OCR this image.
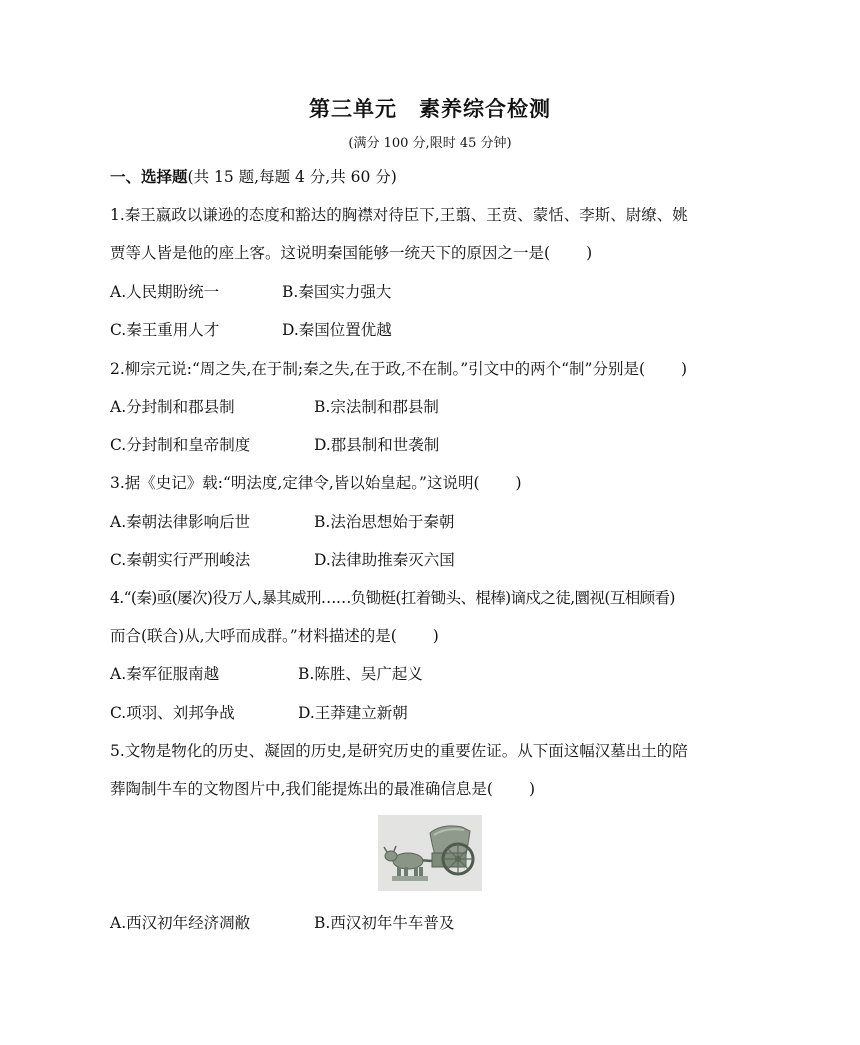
第三单元　素养综合检测
(满分 100 分,限时 45 分钟)
一、选择题(共 15 题,每题 4 分,共 60 分)
1.秦王嬴政以谦逊的态度和豁达的胸襟对待臣下,王翦、王贲、蒙恬、李斯、尉缭、姚
贾等人皆是他的座上客。这说明秦国能够一统天下的原因之一是( )
A.人民期盼统一	B.秦国实力强大
C.秦王重用人才	D.秦国位置优越
2.柳宗元说:“周之失,在于制;秦之失,在于政,不在制。”引文中的两个“制”分别是( )
A.分封制和郡县制	B.宗法制和郡县制
C.分封制和皇帝制度	D.郡县制和世袭制
3.据《史记》载:“明法度,定律令,皆以始皇起。”这说明( )
A.秦朝法律影响后世	B.法治思想始于秦朝
C.秦朝实行严刑峻法	D.法律助推秦灭六国
4.“(秦)亟(屡次)役万人,暴其威刑……负锄梃(扛着锄头、棍棒)谪戍之徒,圜视(互相顾看)
而合(联合)从,大呼而成群。”材料描述的是( )
A.秦军征服南越	B.陈胜、吴广起义
C.项羽、刘邦争战	D.王莽建立新朝
5.文物是物化的历史、凝固的历史,是研究历史的重要佐证。从下面这幅汉墓出土的陪
葬陶制牛车的文物图片中,我们能提炼出的最准确信息是( )
A.西汉初年经济凋敝	B.西汉初年牛车普及
